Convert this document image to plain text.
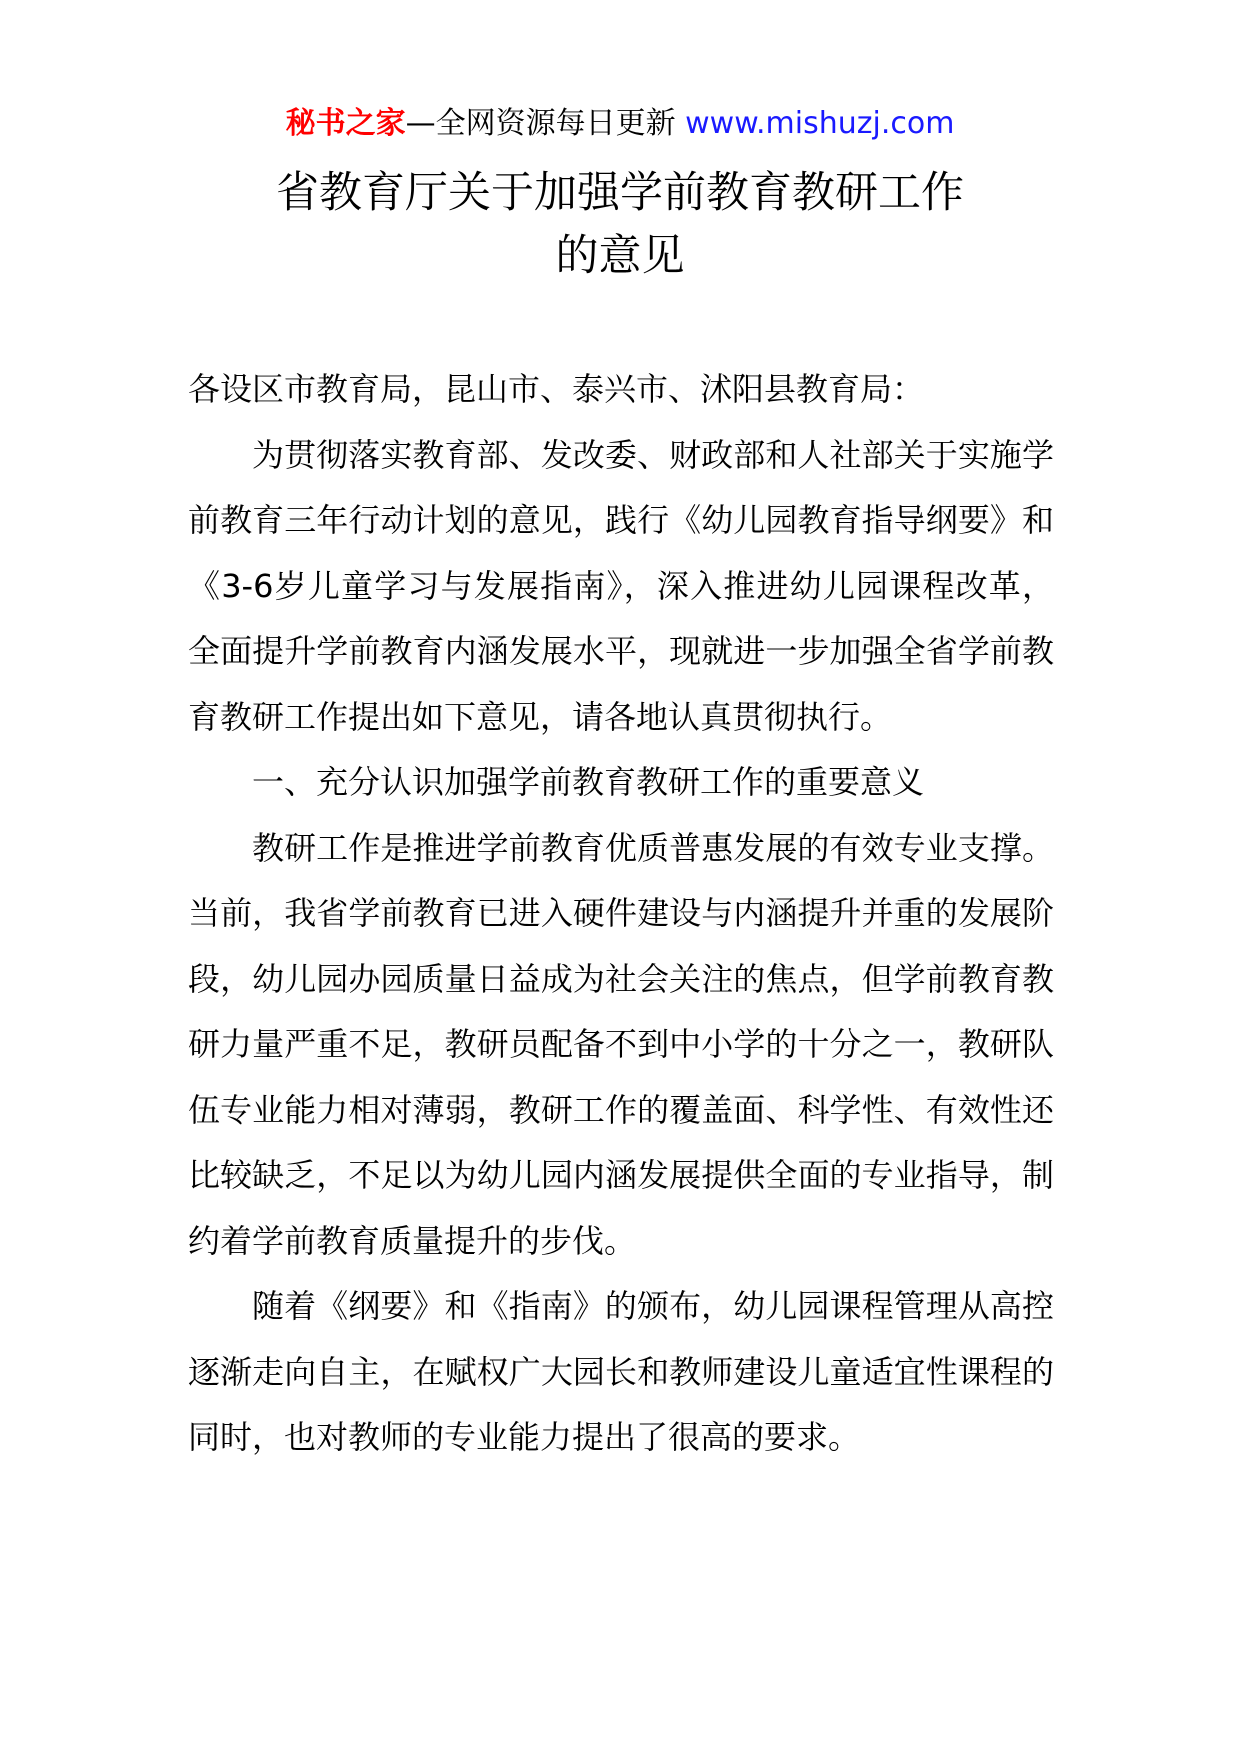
秘书之家—全网资源每日更新 www.mishuzj.com
省教育厅关于加强学前教育教研工作
的意见

各设区市教育局，昆山市、泰兴市、沭阳县教育局：

为贯彻落实教育部、发改委、财政部和人社部关于实施学前教育三年行动计划的意见，践行《幼儿园教育指导纲要》和《3-6岁儿童学习与发展指南》，深入推进幼儿园课程改革，全面提升学前教育内涵发展水平，现就进一步加强全省学前教育教研工作提出如下意见，请各地认真贯彻执行。

一、充分认识加强学前教育教研工作的重要意义

教研工作是推进学前教育优质普惠发展的有效专业支撑。当前，我省学前教育已进入硬件建设与内涵提升并重的发展阶段，幼儿园办园质量日益成为社会关注的焦点，但学前教育教研力量严重不足，教研员配备不到中小学的十分之一，教研队伍专业能力相对薄弱，教研工作的覆盖面、科学性、有效性还比较缺乏，不足以为幼儿园内涵发展提供全面的专业指导，制约着学前教育质量提升的步伐。

随着《纲要》和《指南》的颁布，幼儿园课程管理从高控逐渐走向自主，在赋权广大园长和教师建设儿童适宜性课程的同时，也对教师的专业能力提出了很高的要求。
